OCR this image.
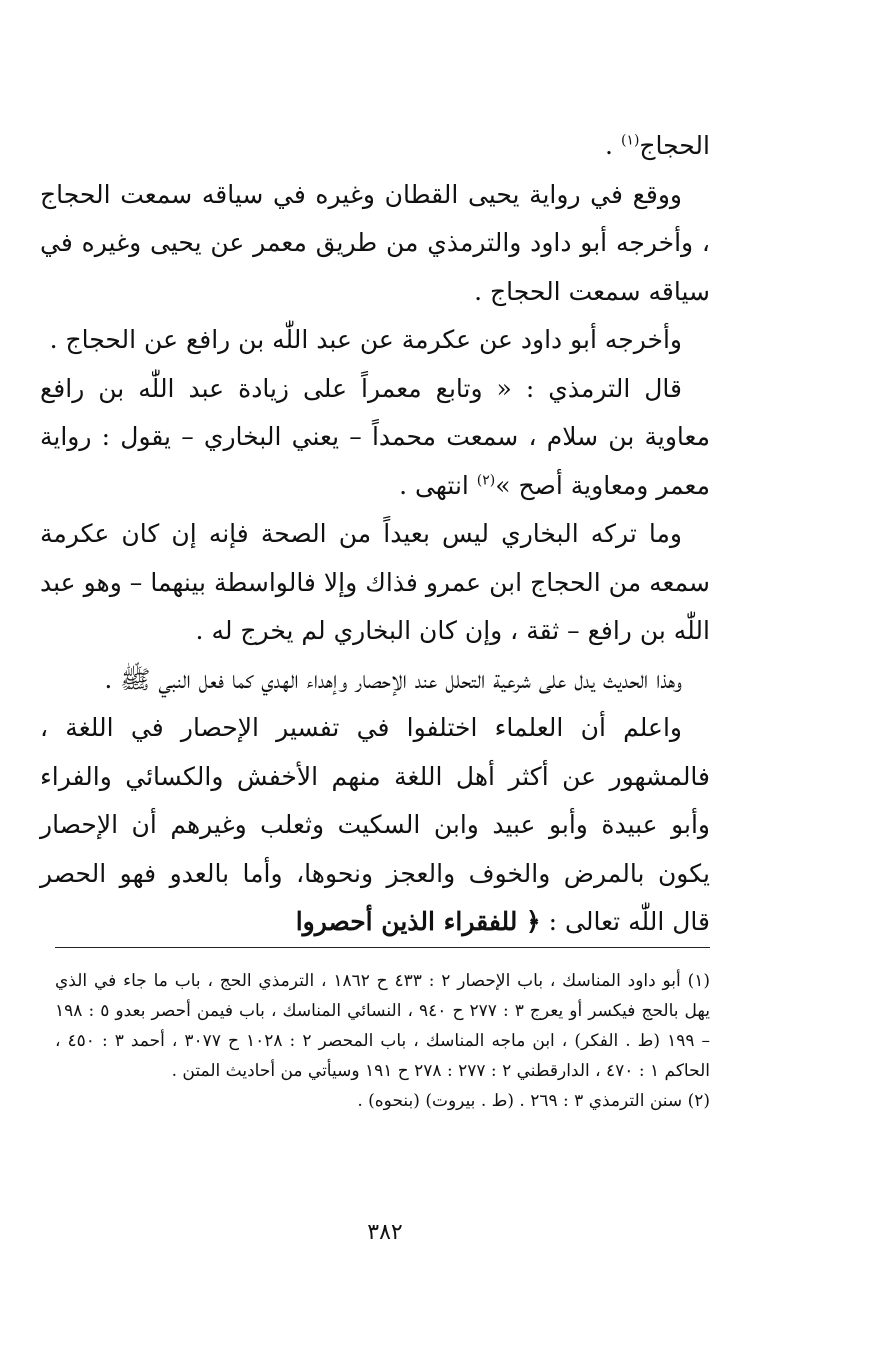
الحجاج$^{(١)}$ .

ووقع في رواية يحيى القطان وغيره في سياقه سمعت الحجاج ، وأخرجه أبو داود والترمذي من طريق معمر عن يحيى وغيره في سياقه سمعت الحجاج .

وأخرجه أبو داود عن عكرمة عن عبد اللّٰه بن رافع عن الحجاج .

قال الترمذي : « وتابع معمراً على زيادة عبد اللّٰه بن رافع معاوية بن سلام ، سمعت محمداً – يعني البخاري – يقول : رواية معمر ومعاوية أصح »$^{(٢)}$ انتهى .

وما تركه البخاري ليس بعيداً من الصحة فإنه إن كان عكرمة سمعه من الحجاج ابن عمرو فذاك وإلا فالواسطة بينهما – وهو عبد اللّٰه بن رافع – ثقة ، وإن كان البخاري لم يخرج له .

وهذا الحديث يدل على شرعية التحلل عند الإحصار وإهداء الهدي كما فعل النبي ﷺ .

واعلم أن العلماء اختلفوا في تفسير الإحصار في اللغة ، فالمشهور عن أكثر أهل اللغة منهم الأخفش والكسائي والفراء وأبو عبيدة وأبو عبيد وابن السكيت وثعلب وغيرهم أن الإحصار يكون بالمرض والخوف والعجز ونحوها، وأما بالعدو فهو الحصر قال اللّٰه تعالى : ﴿ للفقراء الذين أحصروا

(١) أبو داود المناسك ، باب الإحصار ٢ : ٤٣٣ ح ١٨٦٢ ، الترمذي الحج ، باب ما جاء في الذي يهل بالحج فيكسر أو يعرج ٣ : ٢٧٧ ح ٩٤٠ ، النسائي المناسك ، باب فيمن أحصر بعدو ٥ : ١٩٨ – ١٩٩ (ط . الفكر) ، ابن ماجه المناسك ، باب المحصر ٢ : ١٠٢٨ ح ٣٠٧٧ ، أحمد ٣ : ٤٥٠ ، الحاكم ١ : ٤٧٠ ، الدارقطني ٢ : ٢٧٧ : ٢٧٨ ح ١٩١ وسيأتي من أحاديث المتن .

(٢) سنن الترمذي ٣ : ٢٦٩ . (ط . بيروت) (بنحوه) .

٣٨٢
